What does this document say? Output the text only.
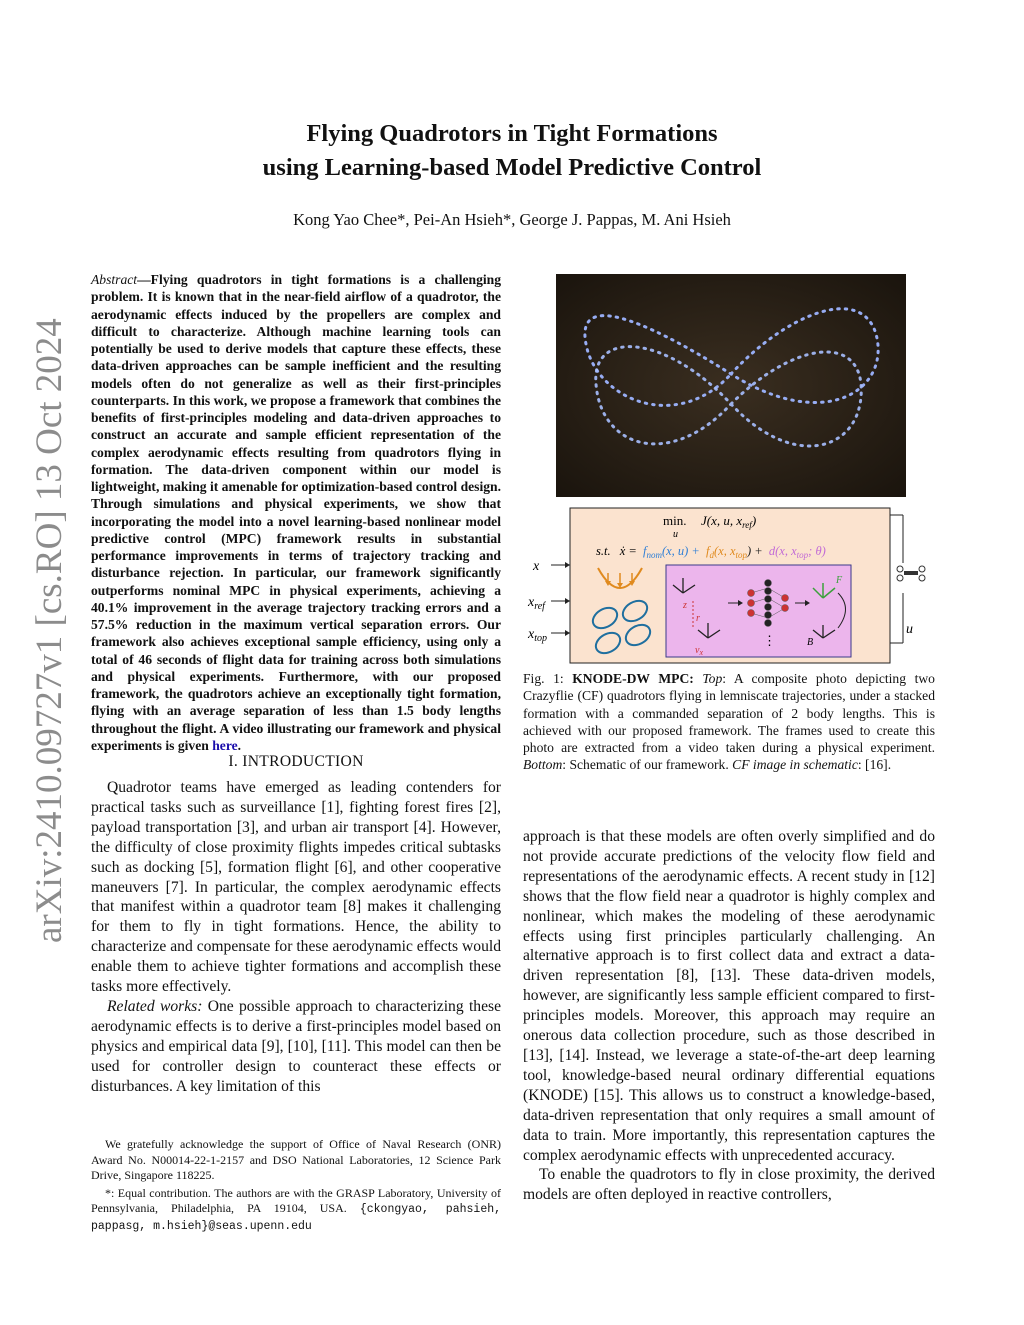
arXiv:2410.09727v1 [cs.RO] 13 Oct 2024
Flying Quadrotors in Tight Formations
using Learning-based Model Predictive Control
Kong Yao Chee*, Pei-An Hsieh*, George J. Pappas, M. Ani Hsieh
Abstract—Flying quadrotors in tight formations is a challenging problem. It is known that in the near-field airflow of a quadrotor, the aerodynamic effects induced by the propellers are complex and difficult to characterize. Although machine learning tools can potentially be used to derive models that capture these effects, these data-driven approaches can be sample inefficient and the resulting models often do not generalize as well as their first-principles counterparts. In this work, we propose a framework that combines the benefits of first-principles modeling and data-driven approaches to construct an accurate and sample efficient representation of the complex aerodynamic effects resulting from quadrotors flying in formation. The data-driven component within our model is lightweight, making it amenable for optimization-based control design. Through simulations and physical experiments, we show that incorporating the model into a novel learning-based nonlinear model predictive control (MPC) framework results in substantial performance improvements in terms of trajectory tracking and disturbance rejection. In particular, our framework significantly outperforms nominal MPC in physical experiments, achieving a 40.1% improvement in the average trajectory tracking errors and a 57.5% reduction in the maximum vertical separation errors. Our framework also achieves exceptional sample efficiency, using only a total of 46 seconds of flight data for training across both simulations and physical experiments. Furthermore, with our proposed framework, the quadrotors achieve an exceptionally tight formation, flying with an average separation of less than 1.5 body lengths throughout the flight. A video illustrating our framework and physical experiments is given here.
I. INTRODUCTION

Quadrotor teams have emerged as leading contenders for practical tasks such as surveillance [1], fighting forest fires [2], payload transportation [3], and urban air transport [4]. However, the difficulty of close proximity flights impedes critical subtasks such as docking [5], formation flight [6], and other cooperative maneuvers [7]. In particular, the complex aerodynamic effects that manifest within a quadrotor team [8] makes it challenging for them to fly in tight formations. Hence, the ability to characterize and compensate for these aerodynamic effects would enable them to achieve tighter formations and accomplish these tasks more effectively.

Related works: One possible approach to characterizing these aerodynamic effects is to derive a first-principles model based on physics and empirical data [9], [10], [11]. This model can then be used for controller design to counteract these effects or disturbances. A key limitation of this

We gratefully acknowledge the support of Office of Naval Research (ONR) Award No. N00014-22-1-2157 and DSO National Laboratories, 12 Science Park Drive, Singapore 118225.

*: Equal contribution. The authors are with the GRASP Laboratory, University of Pennsylvania, Philadelphia, PA 19104, USA. {ckongyao, pahsieh, pappasg, m.hsieh}@seas.upenn.edu

x
$x_{ref}$
$x_{top}$
u
min.
u
J(x, u, $x_{ref}$)
s.t. ẋ = $f_{nom}(x$, $u) + f_d(x$, $x_{top}) + d(x$, $x_{top}$; θ)
z
r
$v_x$
⋮
F
B
Fig. 1: KNODE-DW MPC: Top: A composite photo depicting two Crazyflie (CF) quadrotors flying in lemniscate trajectories, under a stacked formation with a commanded separation of 2 body lengths. This is achieved with our proposed framework. The frames used to create this photo are extracted from a video taken during a physical experiment. Bottom: Schematic of our framework. CF image in schematic: [16].

approach is that these models are often overly simplified and do not provide accurate predictions of the velocity flow field and representations of the aerodynamic effects. A recent study in [12] shows that the flow field near a quadrotor is highly complex and nonlinear, which makes the modeling of these aerodynamic effects using first principles particularly challenging. An alternative approach is to first collect data and extract a data-driven representation [8], [13]. These data-driven models, however, are significantly less sample efficient compared to first-principles models. Moreover, this approach may require an onerous data collection procedure, such as those described in [13], [14]. Instead, we leverage a state-of-the-art deep learning tool, knowledge-based neural ordinary differential equations (KNODE) [15]. This allows us to construct a knowledge-based, data-driven representation that only requires a small amount of data to train. More importantly, this representation captures the complex aerodynamic effects with unprecedented accuracy.

To enable the quadrotors to fly in close proximity, the derived models are often deployed in reactive controllers,
